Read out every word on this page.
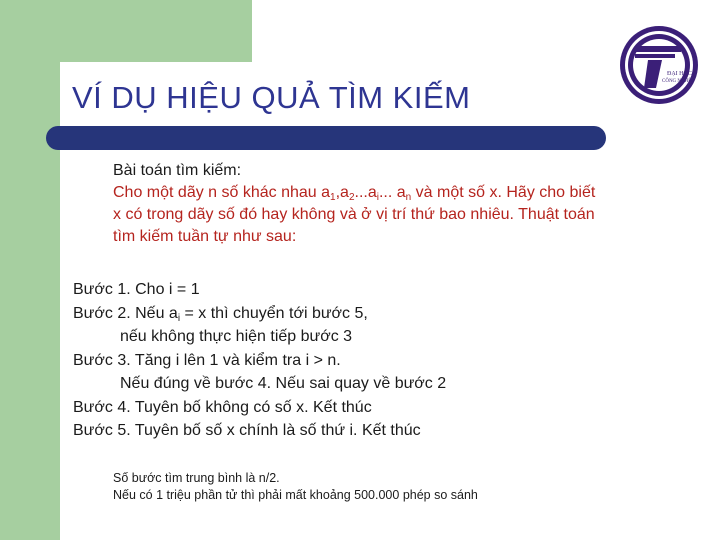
VÍ DỤ HIỆU QUẢ TÌM KIẾM
ĐẠI HỌC
CÔNG NGHỆ
Bài toán tìm kiếm:
Cho một dãy n số khác nhau $a_1,a_2...a_i$... $a_n$ và một số x. Hãy cho biết
x có trong dãy số đó hay không và ở vị trí thứ bao nhiêu. Thuật toán
tìm kiếm tuần tự như sau:
Bước 1. Cho i = 1
Bước 2. Nếu $a_i = x$ thì chuyển tới bước 5,
nếu không thực hiện tiếp bước 3
Bước 3. Tăng i lên 1 và kiểm tra i > n.
Nếu đúng về bước 4. Nếu sai quay về bước 2
Bước 4. Tuyên bố không có số x. Kết thúc
Bước 5. Tuyên bố số x chính là số thứ i. Kết thúc
Số bước tìm trung bình là n/2.
Nếu có 1 triệu phần tử thì phải mất khoảng 500.000 phép so sánh
